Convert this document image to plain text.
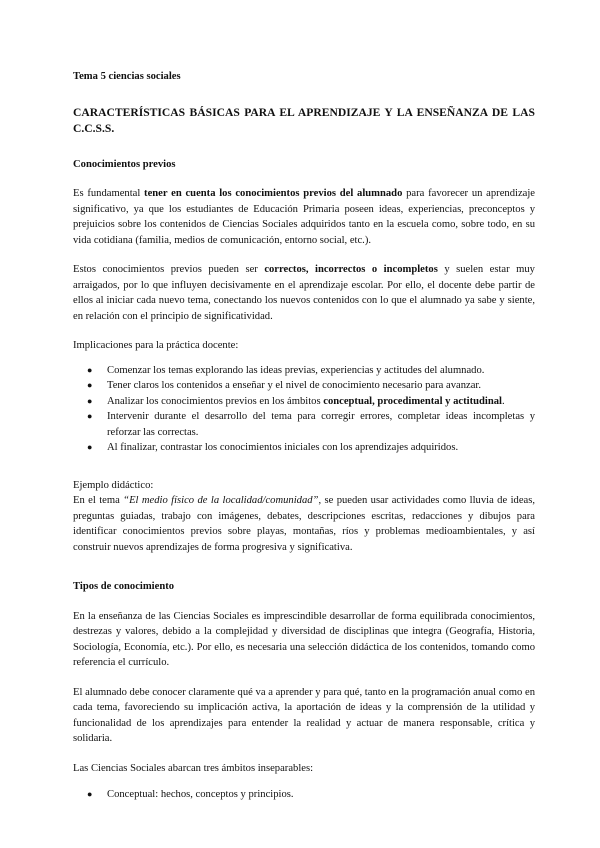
Tema 5 ciencias sociales

CARACTERÍSTICAS BÁSICAS PARA EL APRENDIZAJE Y LA ENSEÑANZA DE LAS C.C.S.S.

Conocimientos previos

Es fundamental tener en cuenta los conocimientos previos del alumnado para favorecer un aprendizaje significativo, ya que los estudiantes de Educación Primaria poseen ideas, experiencias, preconceptos y prejuicios sobre los contenidos de Ciencias Sociales adquiridos tanto en la escuela como, sobre todo, en su vida cotidiana (familia, medios de comunicación, entorno social, etc.).

Estos conocimientos previos pueden ser correctos, incorrectos o incompletos y suelen estar muy arraigados, por lo que influyen decisivamente en el aprendizaje escolar. Por ello, el docente debe partir de ellos al iniciar cada nuevo tema, conectando los nuevos contenidos con lo que el alumnado ya sabe y siente, en relación con el principio de significatividad.

Implicaciones para la práctica docente:

● Comenzar los temas explorando las ideas previas, experiencias y actitudes del alumnado.
● Tener claros los contenidos a enseñar y el nivel de conocimiento necesario para avanzar.
● Analizar los conocimientos previos en los ámbitos conceptual, procedimental y actitudinal.
● Intervenir durante el desarrollo del tema para corregir errores, completar ideas incompletas y reforzar las correctas.
● Al finalizar, contrastar los conocimientos iniciales con los aprendizajes adquiridos.

Ejemplo didáctico:

En el tema “El medio físico de la localidad/comunidad”, se pueden usar actividades como lluvia de ideas, preguntas guiadas, trabajo con imágenes, debates, descripciones escritas, redacciones y dibujos para identificar conocimientos previos sobre playas, montañas, ríos y problemas medioambientales, y así construir nuevos aprendizajes de forma progresiva y significativa.

Tipos de conocimiento

En la enseñanza de las Ciencias Sociales es imprescindible desarrollar de forma equilibrada conocimientos, destrezas y valores, debido a la complejidad y diversidad de disciplinas que integra (Geografía, Historia, Sociología, Economía, etc.). Por ello, es necesaria una selección didáctica de los contenidos, tomando como referencia el currículo.

El alumnado debe conocer claramente qué va a aprender y para qué, tanto en la programación anual como en cada tema, favoreciendo su implicación activa, la aportación de ideas y la comprensión de la utilidad y funcionalidad de los aprendizajes para entender la realidad y actuar de manera responsable, crítica y solidaria.

Las Ciencias Sociales abarcan tres ámbitos inseparables:

● Conceptual: hechos, conceptos y principios.
